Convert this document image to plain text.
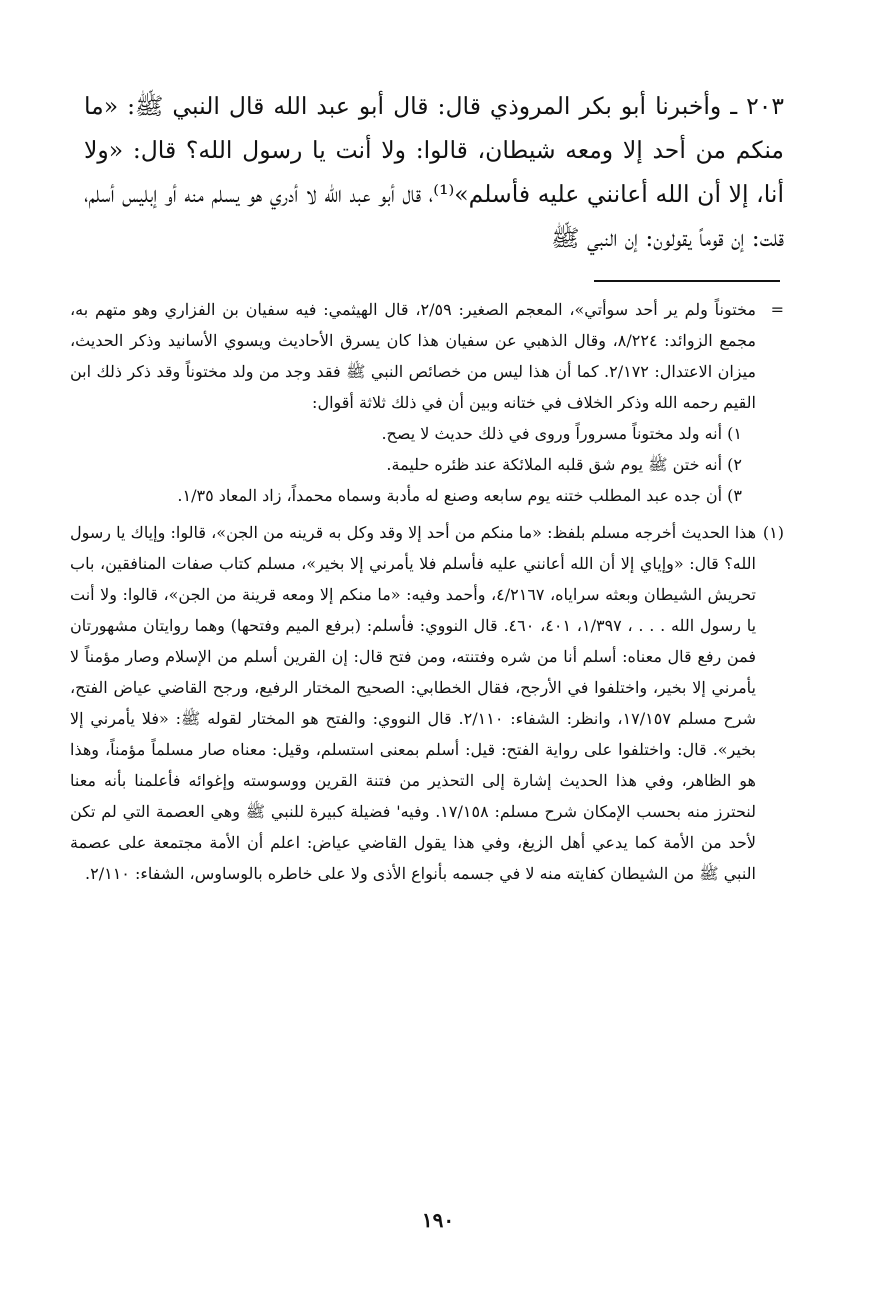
٢٠٣ ـ وأخبرنا أبو بكر المروذي قال: قال أبو عبد الله قال النبي ﷺ: «ما منكم من أحد إلا ومعه شيطان، قالوا: ولا أنت يا رسول الله؟ قال: «ولا أنا، إلا أن الله أعانني عليه فأسلم»⁽¹⁾، قال أبو عبد الله لا أدري هو يسلم منه أو إبليس أسلم، قلت: إن قوماً يقولون: إن النبي ﷺ

=
مختوناً ولم ير أحد سوأتي»، المعجم الصغير: ٢/٥٩، قال الهيثمي: فيه سفيان بن الفزاري وهو متهم به، مجمع الزوائد: ٨/٢٢٤، وقال الذهبي عن سفيان هذا كان يسرق الأحاديث ويسوي الأسانيد وذكر الحديث، ميزان الاعتدال: ٢/١٧٢. كما أن هذا ليس من خصائص النبي ﷺ فقد وجد من ولد مختوناً وقد ذكر ذلك ابن القيم رحمه الله وذكر الخلاف في ختانه وبين أن في ذلك ثلاثة أقوال:
١) أنه ولد مختوناً مسروراً وروى في ذلك حديث لا يصح.
٢) أنه ختن ﷺ يوم شق قلبه الملائكة عند ظئره حليمة.
٣) أن جده عبد المطلب ختنه يوم سابعه وصنع له مأدبة وسماه محمداً، زاد المعاد ١/٣٥.
(١)
هذا الحديث أخرجه مسلم بلفظ: «ما منكم من أحد إلا وقد وكل به قرينه من الجن»، قالوا: وإياك يا رسول الله؟ قال: «وإياي إلا أن الله أعانني عليه فأسلم فلا يأمرني إلا بخير»، مسلم كتاب صفات المنافقين، باب تحريش الشيطان وبعثه سراياه، ٤/٢١٦٧، وأحمد وفيه: «ما منكم إلا ومعه قرينة من الجن»، قالوا: ولا أنت يا رسول الله . . . ، ١/٣٩٧، ٤٠١، ٤٦٠. قال النووي: فأسلم: (برفع الميم وفتحها) وهما روايتان مشهورتان فمن رفع قال معناه: أسلم أنا من شره وفتنته، ومن فتح قال: إن القرين أسلم من الإسلام وصار مؤمناً لا يأمرني إلا بخير، واختلفوا في الأرجح، فقال الخطابي: الصحيح المختار الرفيع، ورجح القاضي عياض الفتح، شرح مسلم ١٧/١٥٧، وانظر: الشفاء: ٢/١١٠. قال النووي: والفتح هو المختار لقوله ﷺ: «فلا يأمرني إلا بخير». قال: واختلفوا على رواية الفتح: قيل: أسلم بمعنى استسلم، وقيل: معناه صار مسلماً مؤمناً، وهذا هو الظاهر، وفي هذا الحديث إشارة إلى التحذير من فتنة القرين ووسوسته وإغوائه فأعلمنا بأنه معنا لنحترز منه بحسب الإمكان شرح مسلم: ١٧/١٥٨. وفيه' فضيلة كبيرة للنبي ﷺ وهي العصمة التي لم تكن لأحد من الأمة كما يدعي أهل الزيغ، وفي هذا يقول القاضي عياض: اعلم أن الأمة مجتمعة على عصمة النبي ﷺ من الشيطان كفايته منه لا في جسمه بأنواع الأذى ولا على خاطره بالوساوس، الشفاء: ٢/١١٠.
١٩٠
